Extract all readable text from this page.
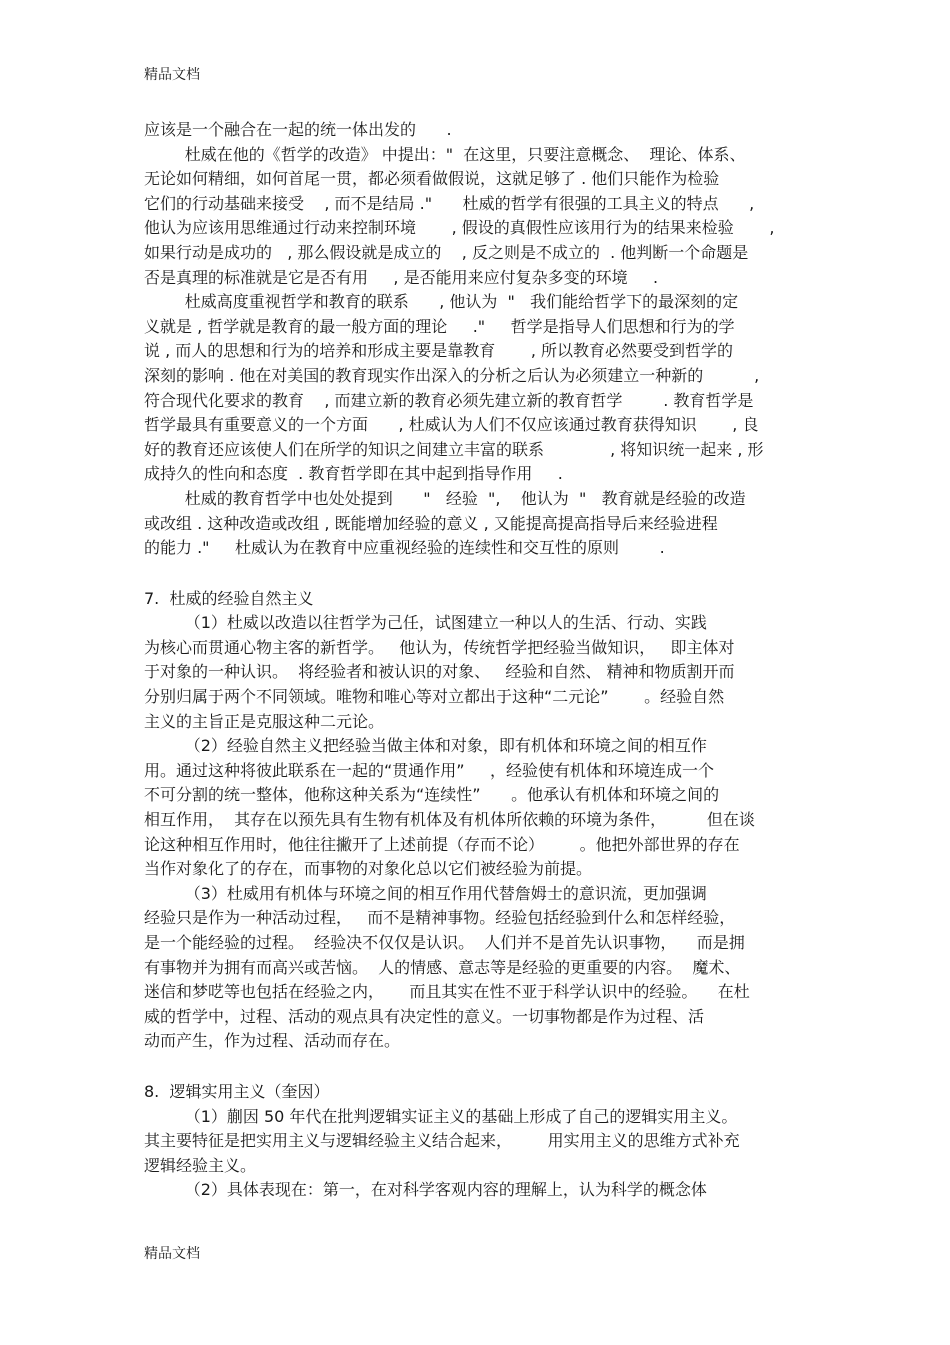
精品文档
应该是一个融合在一起的统一体出发的      .
杜威在他的《哲学的改造》 中提出："  在这里，只要注意概念、  理论、体系、
无论如何精细，如何首尾一贯，都必须看做假说，这就足够了 . 他们只能作为检验
它们的行动基础来接受    , 而不是结局 ."      杜威的哲学有很强的工具主义的特点      ,
他认为应该用思维通过行动来控制环境       , 假设的真假性应该用行为的结果来检验       ,
如果行动是成功的   , 那么假设就是成立的    , 反之则是不成立的  . 他判断一个命题是
否是真理的标准就是它是否有用     , 是否能用来应付复杂多变的环境     .
杜威高度重视哲学和教育的联系      , 他认为  "   我们能给哲学下的最深刻的定
义就是 , 哲学就是教育的最一般方面的理论     ."     哲学是指导人们思想和行为的学
说 , 而人的思想和行为的培养和形成主要是靠教育       , 所以教育必然要受到哲学的
深刻的影响 . 他在对美国的教育现实作出深入的分析之后认为必须建立一种新的          ,
符合现代化要求的教育    , 而建立新的教育必须先建立新的教育哲学        . 教育哲学是
哲学最具有重要意义的一个方面      , 杜威认为人们不仅应该通过教育获得知识       , 良
好的教育还应该使人们在所学的知识之间建立丰富的联系             , 将知识统一起来 , 形
成持久的性向和态度  . 教育哲学即在其中起到指导作用     .
杜威的教育哲学中也处处提到      "   经验  ",    他认为  "   教育就是经验的改造
或改组 . 这种改造或改组 , 既能增加经验的意义 , 又能提高提高指导后来经验进程
的能力 ."     杜威认为在教育中应重视经验的连续性和交互性的原则        .
7.  杜威的经验自然主义
（1）杜威以改造以往哲学为己任，试图建立一种以人的生活、行动、实践
为核心而贯通心物主客的新哲学。   他认为，传统哲学把经验当做知识，   即主体对
于对象的一种认识。  将经验者和被认识的对象、   经验和自然、 精神和物质割开而
分别归属于两个不同领域。唯物和唯心等对立都出于这种“二元论”       。经验自然
主义的主旨正是克服这种二元论。
（2）经验自然主义把经验当做主体和对象，即有机体和环境之间的相互作
用。通过这种将彼此联系在一起的“贯通作用”     ，经验使有机体和环境连成一个
不可分割的统一整体，他称这种关系为“连续性”      。他承认有机体和环境之间的
相互作用，  其存在以预先具有生物有机体及有机体所依赖的环境为条件，        但在谈
论这种相互作用时，他往往撇开了上述前提（存而不论）       。他把外部世界的存在
当作对象化了的存在，而事物的对象化总以它们被经验为前提。
（3）杜威用有机体与环境之间的相互作用代替詹姆士的意识流，更加强调
经验只是作为一种活动过程，   而不是精神事物。经验包括经验到什么和怎样经验，
是一个能经验的过程。  经验决不仅仅是认识。  人们并不是首先认识事物，    而是拥
有事物并为拥有而高兴或苦恼。  人的情感、意志等是经验的更重要的内容。  魔术、
迷信和梦呓等也包括在经验之内，     而且其实在性不亚于科学认识中的经验。    在杜
威的哲学中，过程、活动的观点具有决定性的意义。一切事物都是作为过程、活
动而产生，作为过程、活动而存在。
8.  逻辑实用主义（奎因）
（1）蒯因 50 年代在批判逻辑实证主义的基础上形成了自己的逻辑实用主义。
其主要特征是把实用主义与逻辑经验主义结合起来，       用实用主义的思维方式补充
逻辑经验主义。
（2）具体表现在：第一，在对科学客观内容的理解上，认为科学的概念体
精品文档
